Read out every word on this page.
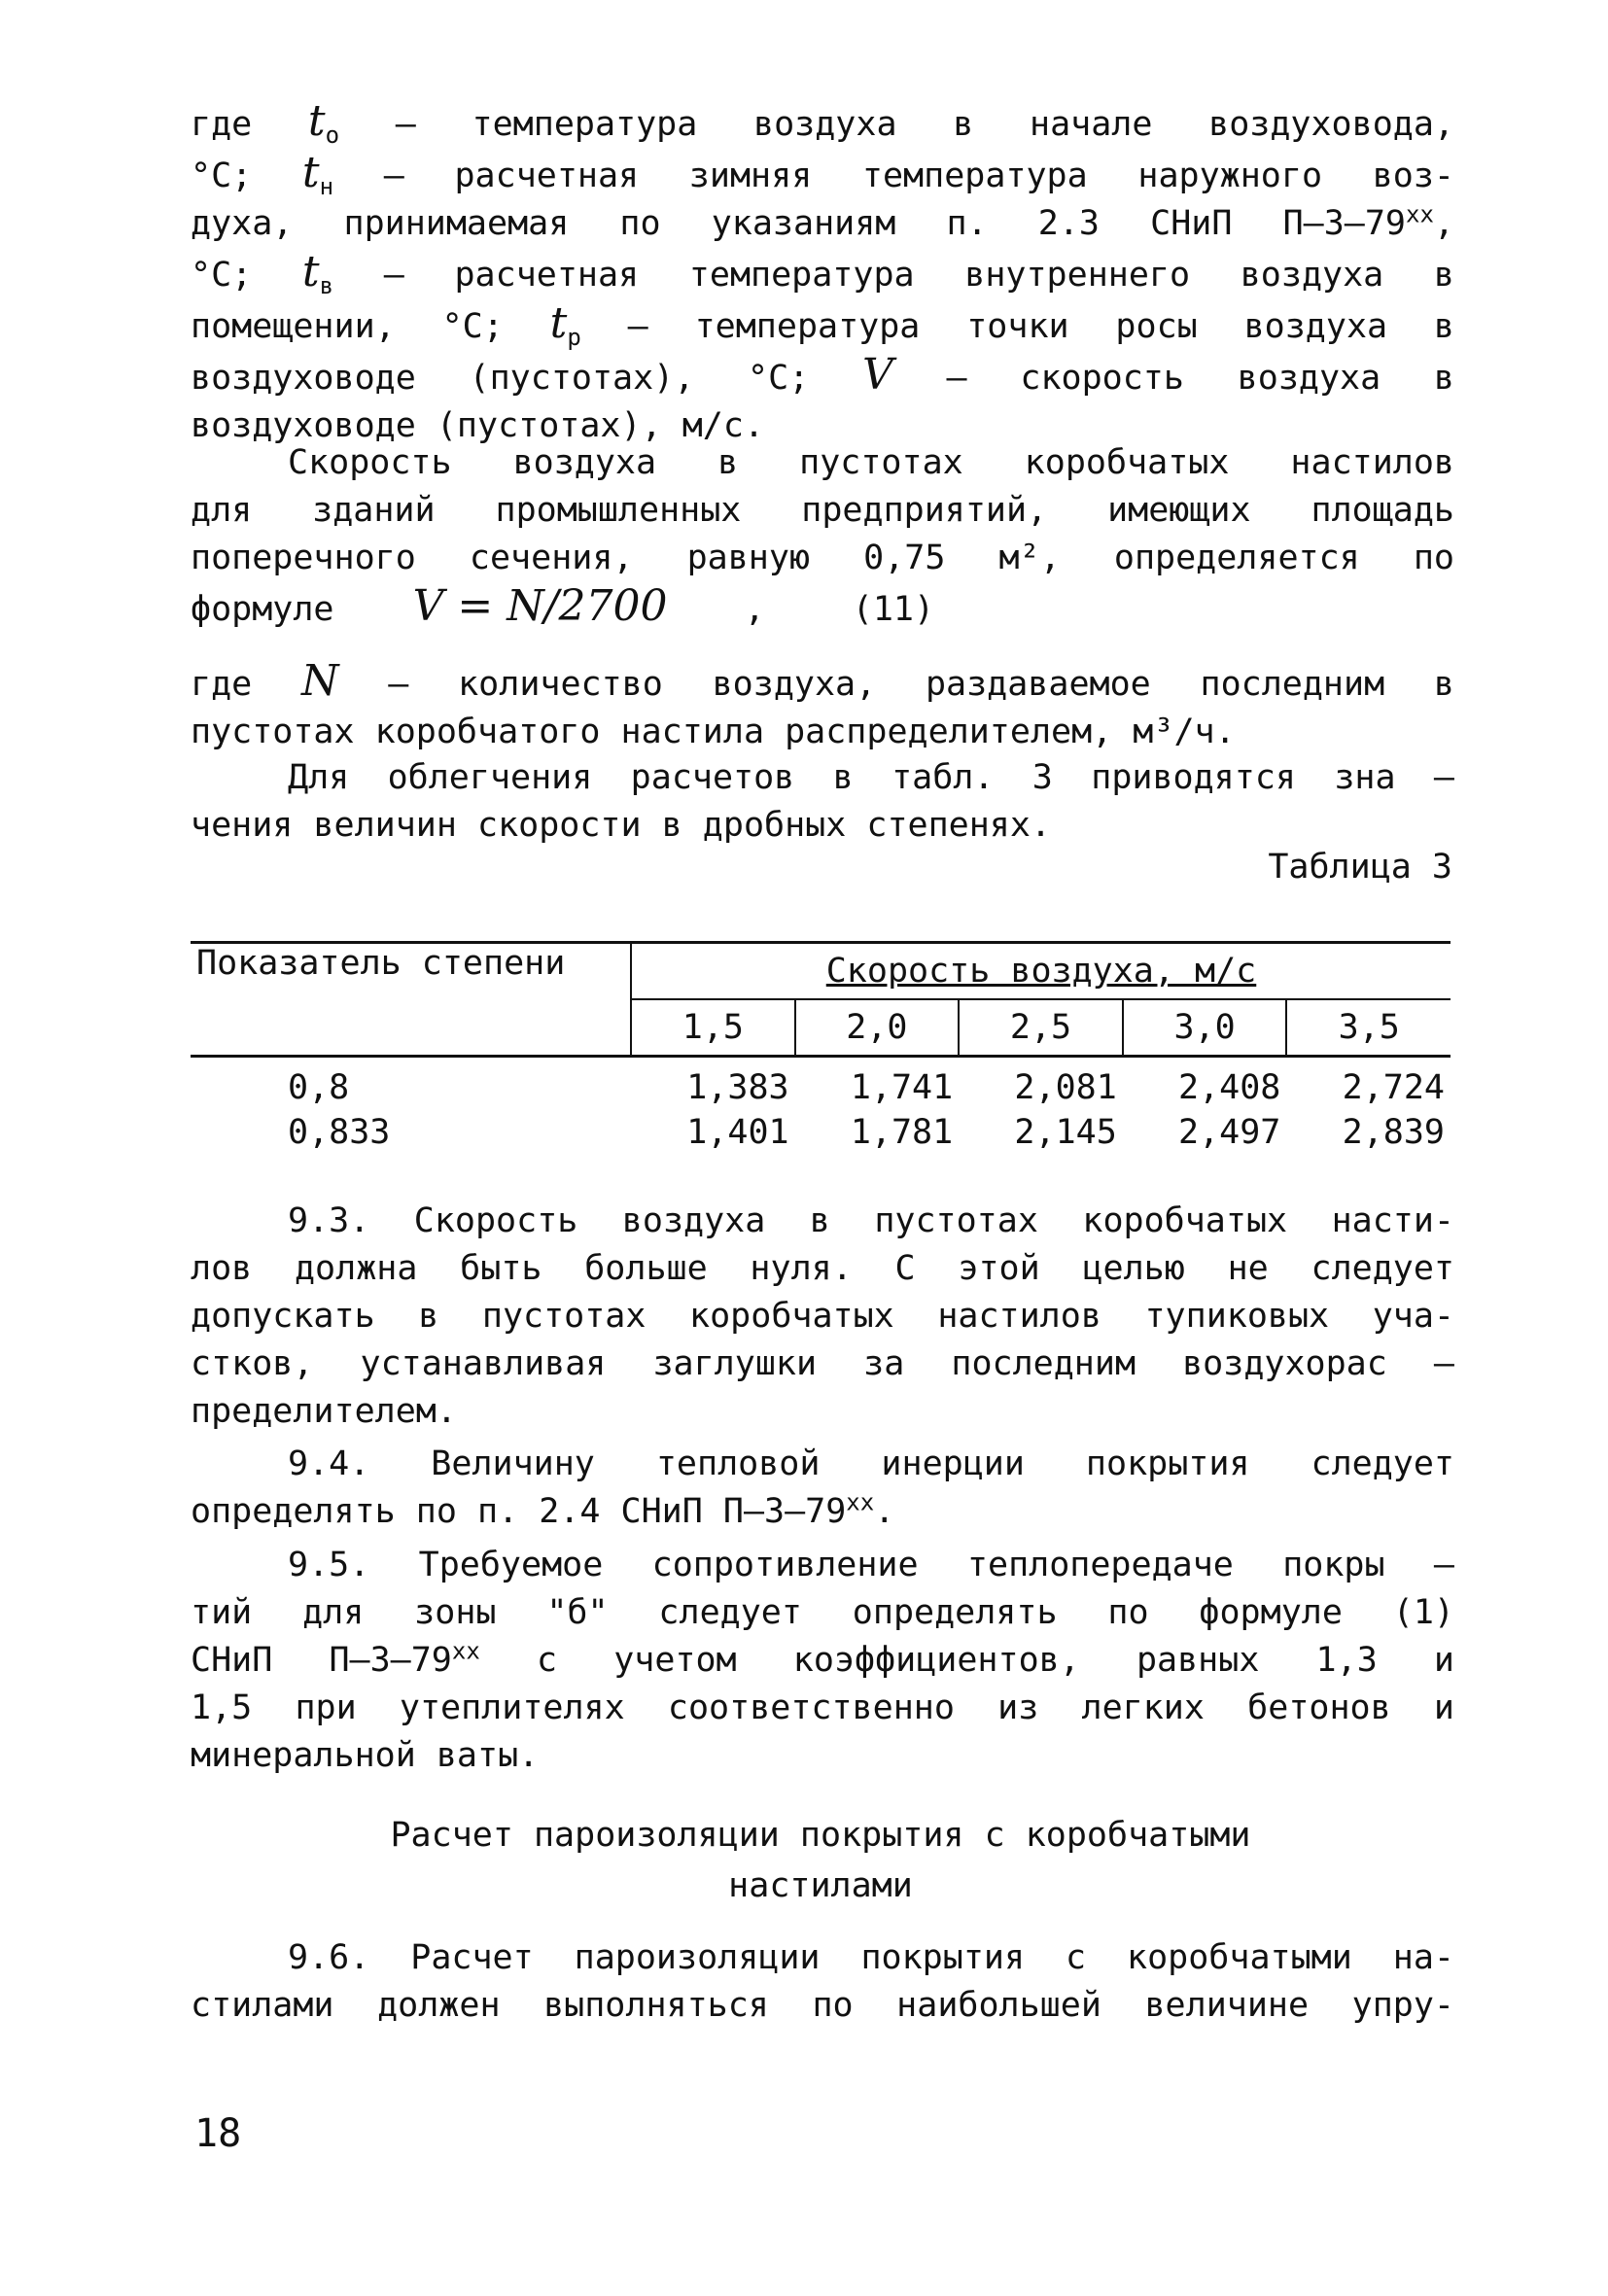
где $t_о$ – температура воздуха в начале воздуховода,
°С; $t_н$ – расчетная зимняя температура наружного воз-
духа, принимаемая по указаниям п. 2.3 СНиП $П-3-79^{хх}$,
°С; $t_в$ – расчетная температура внутреннего воздуха в
помещении, °С; $t_р$ – температура точки росы воздуха в
воздуховоде (пустотах), °С; V – скорость воздуха в
воздуховоде (пустотах), м/с.
Скорость воздуха в пустотах коробчатых настилов
для зданий промышленных предприятий, имеющих площадь
поперечного сечения, равную 0,75 м², определяется по
формуле V = N/2700 ,	(11)
где N – количество воздуха, раздаваемое последним в
пустотах коробчатого настила распределителем, м³/ч.
Для облегчения расчетов в табл. 3 приводятся зна –
чения величин скорости в дробных степенях.
Таблица 3
Показатель степени	Скорость воздуха, м/с				
	1,5	2,0	2,5	3,0	3,5
0,8	1,383	1,741	2,081	2,408	2,724
0,833	1,401	1,781	2,145	2,497	2,839
9.3. Скорость воздуха в пустотах коробчатых насти-
лов должна быть больше нуля. С этой целью не следует
допускать в пустотах коробчатых настилов тупиковых уча-
стков, устанавливая заглушки за последним воздухорас –
пределителем.
9.4. Величину тепловой инерции покрытия следует
определять по п. 2.4 СНиП $П-3-79^{хх}$.
9.5. Требуемое сопротивление теплопередаче покры –
тий для зоны "б" следует определять по формуле (1)
СНиП $П-3-79^{хх}$ с учетом коэффициентов, равных 1,3 и
1,5 при утеплителях соответственно из легких бетонов и
минеральной ваты.
Расчет пароизоляции покрытия с коробчатыми
настилами
9.6. Расчет пароизоляции покрытия с коробчатыми на-
стилами должен выполняться по наибольшей величине упру-
18
